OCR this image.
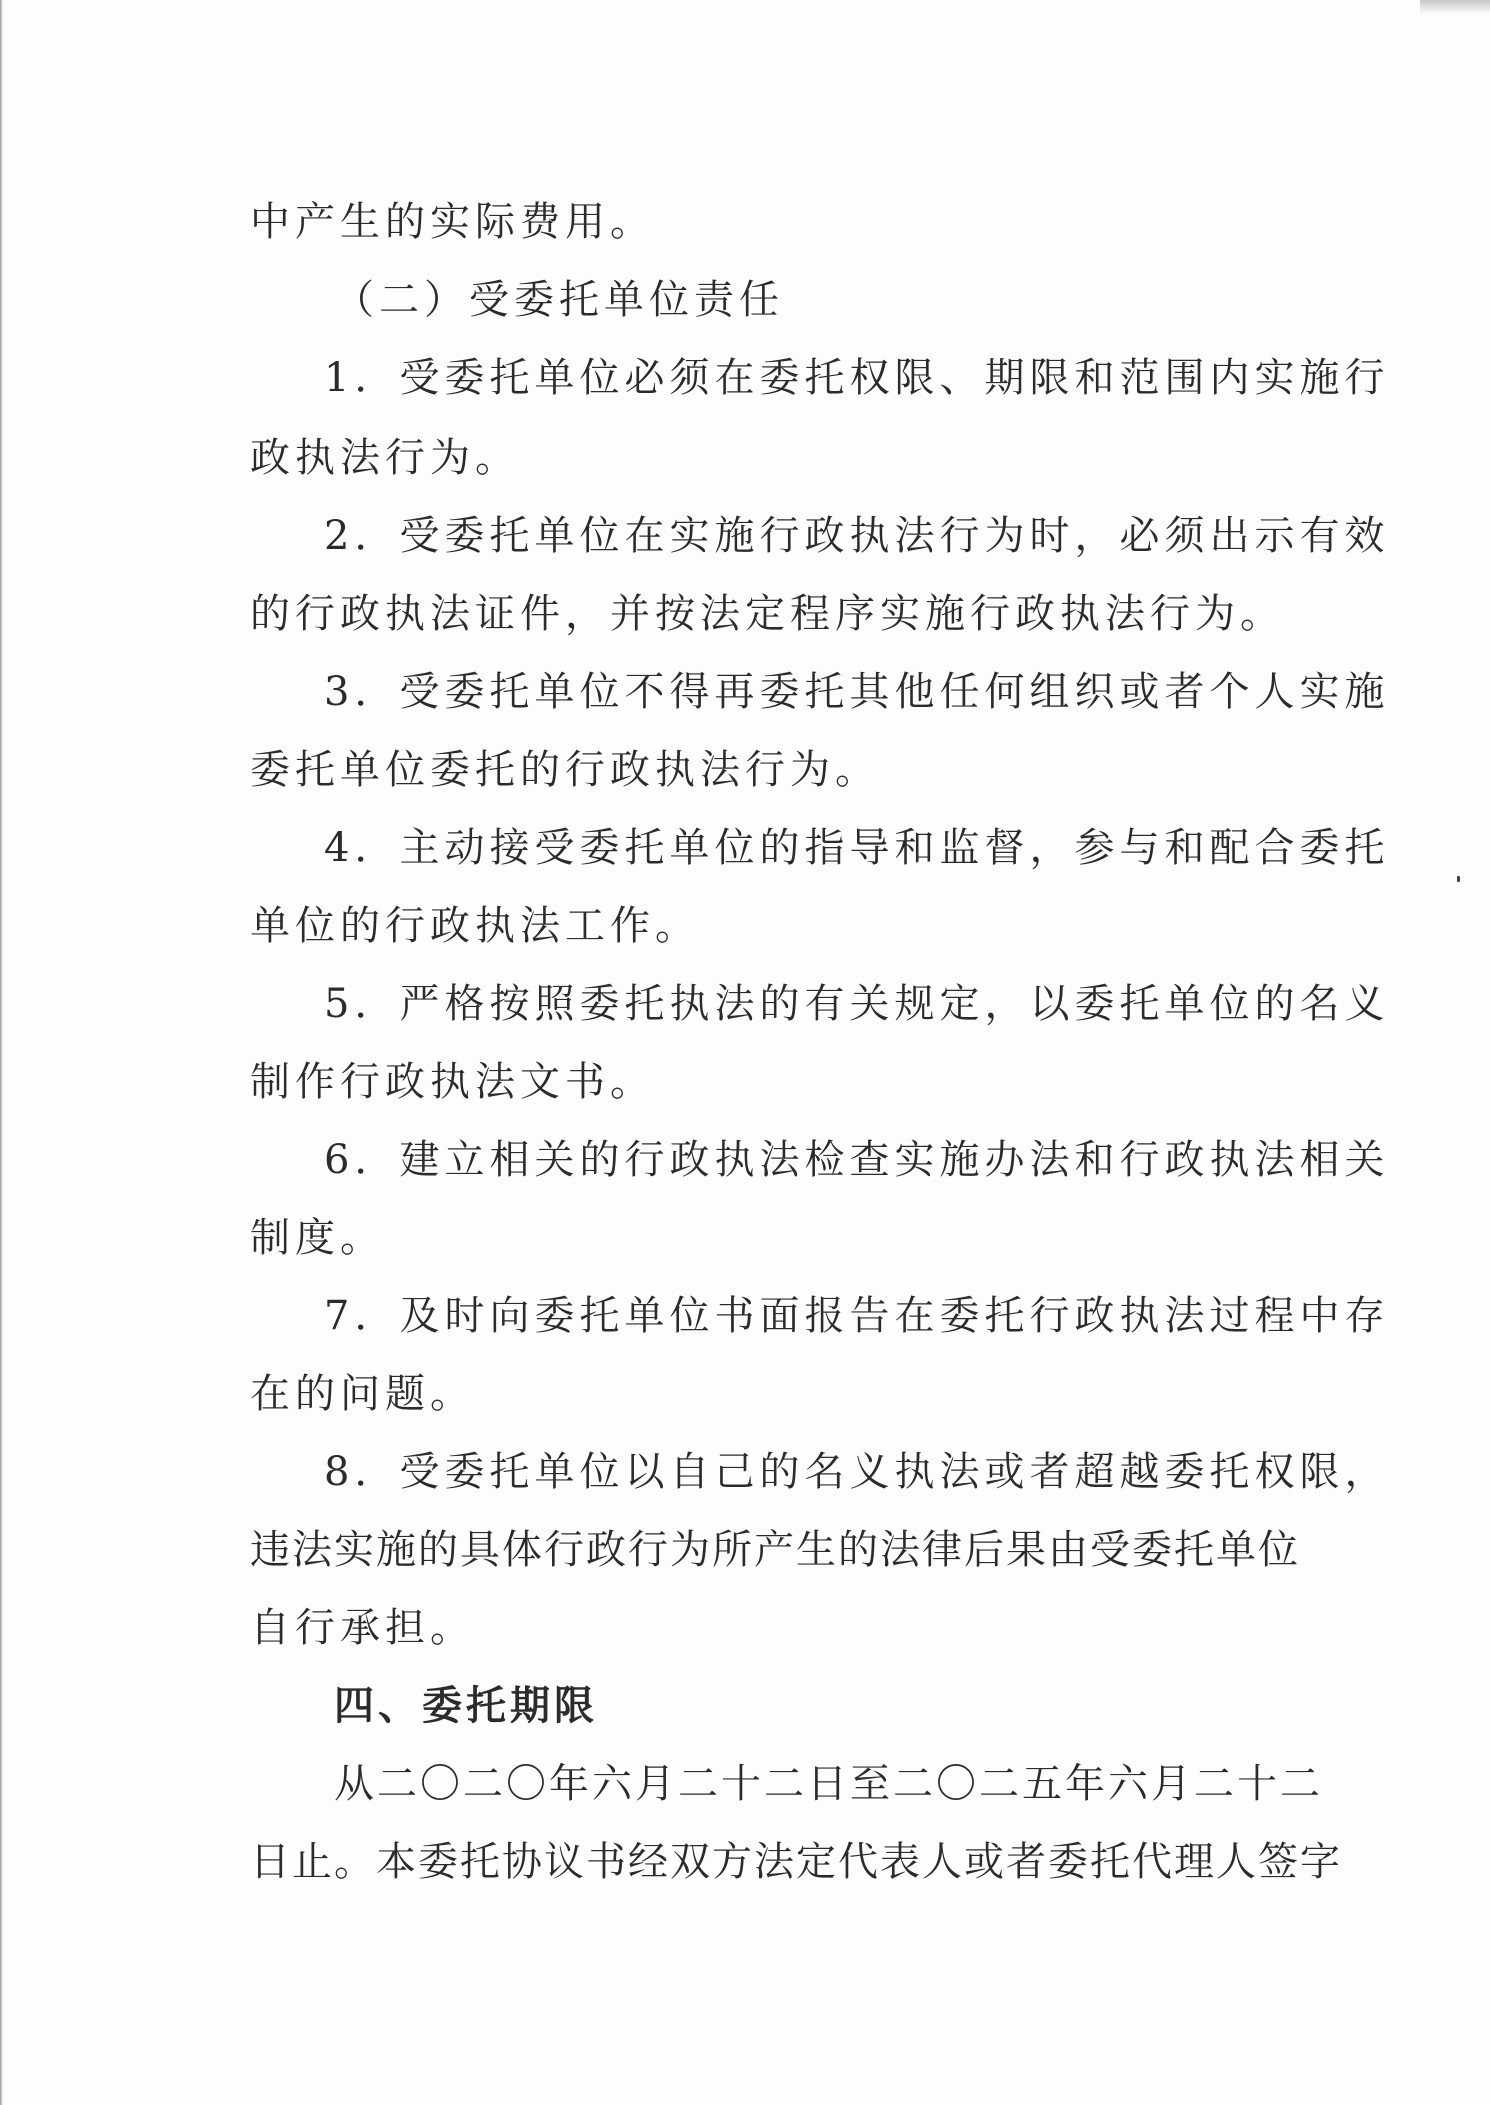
中产生的实际费用。
（二）受委托单位责任
1．受委托单位必须在委托权限、期限和范围内实施行
政执法行为。
2．受委托单位在实施行政执法行为时，必须出示有效
的行政执法证件，并按法定程序实施行政执法行为。
3．受委托单位不得再委托其他任何组织或者个人实施
委托单位委托的行政执法行为。
4．主动接受委托单位的指导和监督，参与和配合委托
单位的行政执法工作。
5．严格按照委托执法的有关规定，以委托单位的名义
制作行政执法文书。
6．建立相关的行政执法检查实施办法和行政执法相关
制度。
7．及时向委托单位书面报告在委托行政执法过程中存
在的问题。
8．受委托单位以自己的名义执法或者超越委托权限，
违法实施的具体行政行为所产生的法律后果由受委托单位
自行承担。
四、委托期限
从二〇二〇年六月二十二日至二〇二五年六月二十二
日止。本委托协议书经双方法定代表人或者委托代理人签字
